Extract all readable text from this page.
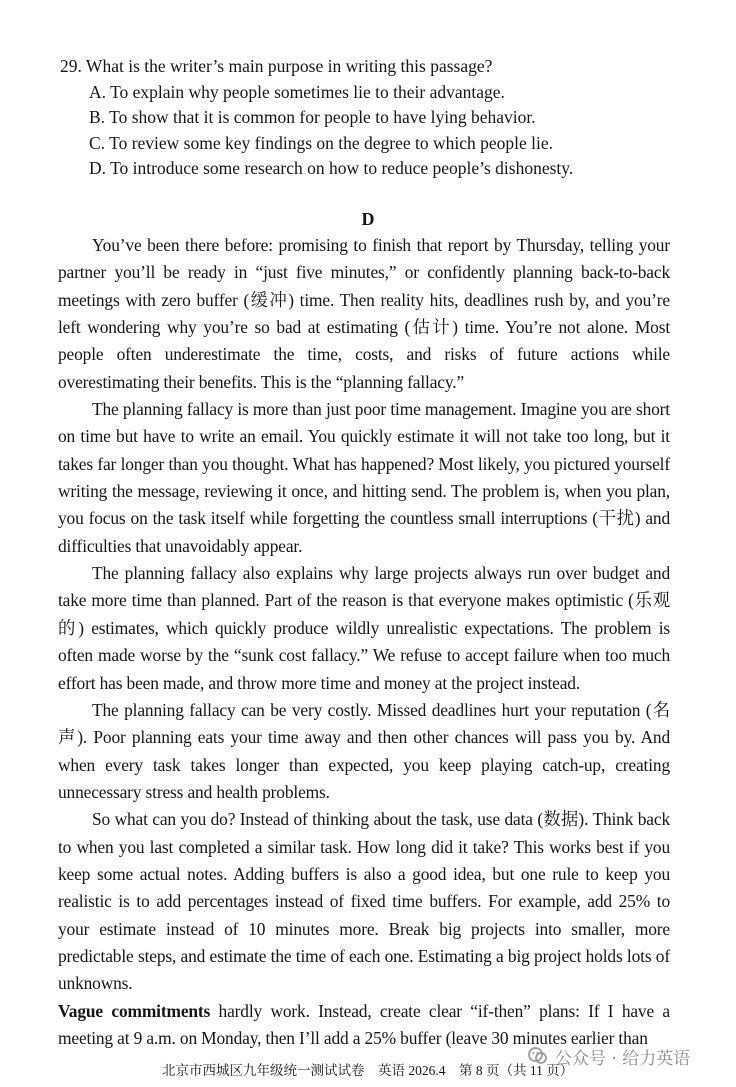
29. What is the writer’s main purpose in writing this passage?

A. To explain why people sometimes lie to their advantage.

B. To show that it is common for people to have lying behavior.

C. To review some key findings on the degree to which people lie.

D. To introduce some research on how to reduce people’s dishonesty.

D

You’ve been there before: promising to finish that report by Thursday, telling your partner you’ll be ready in “just five minutes,” or confidently planning back-to-back meetings with zero buffer (缓冲) time. Then reality hits, deadlines rush by, and you’re left wondering why you’re so bad at estimating (估计) time. You’re not alone. Most people often underestimate the time, costs, and risks of future actions while overestimating their benefits. This is the “planning fallacy.”

The planning fallacy is more than just poor time management. Imagine you are short on time but have to write an email. You quickly estimate it will not take too long, but it takes far longer than you thought. What has happened? Most likely, you pictured yourself writing the message, reviewing it once, and hitting send. The problem is, when you plan, you focus on the task itself while forgetting the countless small interruptions (干扰) and difficulties that unavoidably appear.

The planning fallacy also explains why large projects always run over budget and take more time than planned. Part of the reason is that everyone makes optimistic (乐观的) estimates, which quickly produce wildly unrealistic expectations. The problem is often made worse by the “sunk cost fallacy.” We refuse to accept failure when too much effort has been made, and throw more time and money at the project instead.

The planning fallacy can be very costly. Missed deadlines hurt your reputation (名声). Poor planning eats your time away and then other chances will pass you by. And when every task takes longer than expected, you keep playing catch-up, creating unnecessary stress and health problems.

So what can you do? Instead of thinking about the task, use data (数据). Think back to when you last completed a similar task. How long did it take? This works best if you keep some actual notes. Adding buffers is also a good idea, but one rule to keep you realistic is to add percentages instead of fixed time buffers. For example, add 25% to your estimate instead of 10 minutes more. Break big projects into smaller, more predictable steps, and estimate the time of each one. Estimating a big project holds lots of unknowns.

Vague commitments hardly work. Instead, create clear “if-then” plans: If I have a meeting at 9 a.m. on Monday, then I’ll add a 25% buffer (leave 30 minutes earlier than

北京市西城区九年级统一测试试卷　英语 2026.4　第 8 页（共 11 页）
公众号 · 给力英语
